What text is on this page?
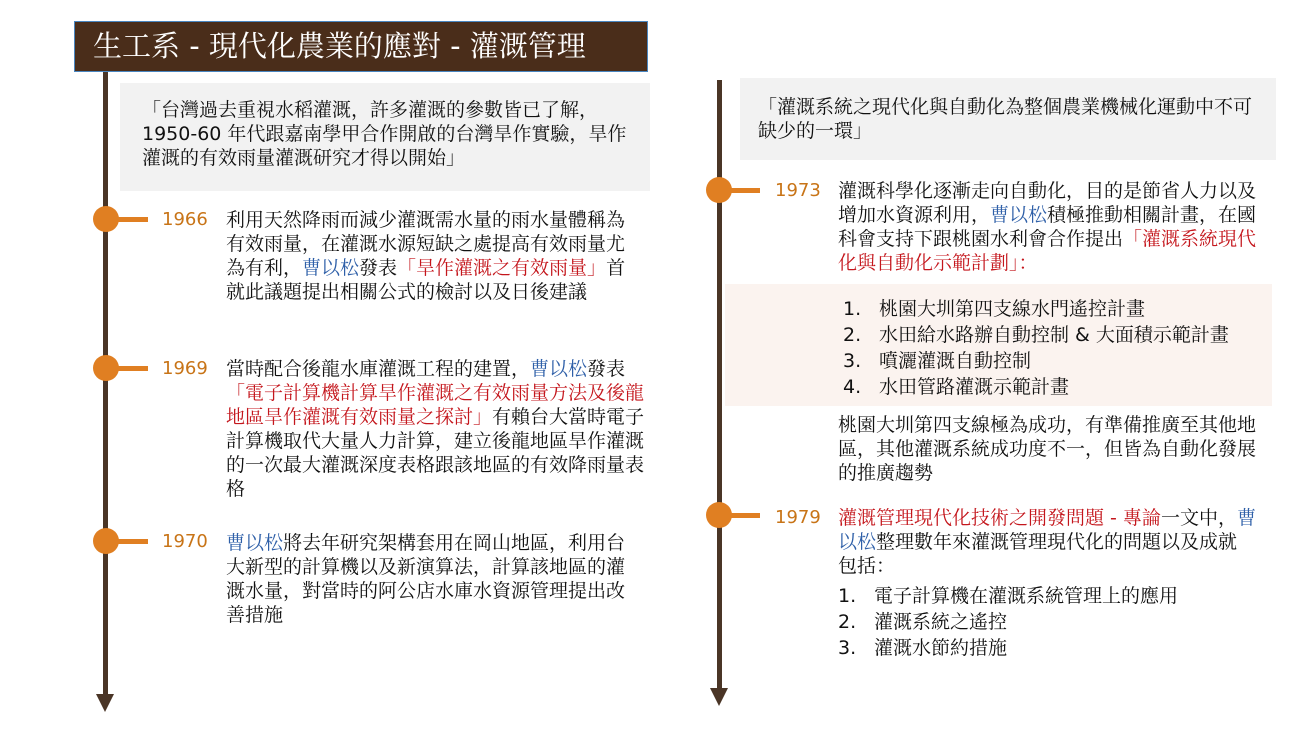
生工系 - 現代化農業的應對 - 灌溉管理
「台灣過去重視水稻灌溉，許多灌溉的參數皆已了解， 1950-60 年代跟嘉南學甲合作開啟的台灣旱作實驗，旱作灌溉的有效雨量灌溉研究才得以開始」
1966 利用天然降雨而減少灌溉需水量的雨水量體稱為有效雨量，在灌溉水源短缺之處提高有效雨量尤為有利，曹以松發表「旱作灌溉之有效雨量」首就此議題提出相關公式的檢討以及日後建議
1969 當時配合後龍水庫灌溉工程的建置，曹以松發表「電子計算機計算旱作灌溉之有效雨量方法及後龍地區旱作灌溉有效雨量之探討」有賴台大當時電子計算機取代大量人力計算，建立後龍地區旱作灌溉的一次最大灌溉深度表格跟該地區的有效降雨量表格
1970 曹以松將去年研究架構套用在岡山地區，利用台大新型的計算機以及新演算法，計算該地區的灌溉水量，對當時的阿公店水庫水資源管理提出改善措施
「灌溉系統之現代化與自動化為整個農業機械化運動中不可缺少的一環」
1973 灌溉科學化逐漸走向自動化，目的是節省人力以及增加水資源利用，曹以松積極推動相關計畫，在國科會支持下跟桃園水利會合作提出「灌溉系統現代化與自動化示範計劃」：
1. 桃園大圳第四支線水門遙控計畫
2. 水田給水路辦自動控制 & 大面積示範計畫
3. 噴灑灌溉自動控制
4. 水田管路灌溉示範計畫
桃園大圳第四支線極為成功，有準備推廣至其他地區，其他灌溉系統成功度不一，但皆為自動化發展的推廣趨勢
1979 灌溉管理現代化技術之開發問題 - 專論一文中，曹以松整理數年來灌溉管理現代化的問題以及成就包括：
1. 電子計算機在灌溉系統管理上的應用
2. 灌溉系統之遙控
3. 灌溉水節約措施
